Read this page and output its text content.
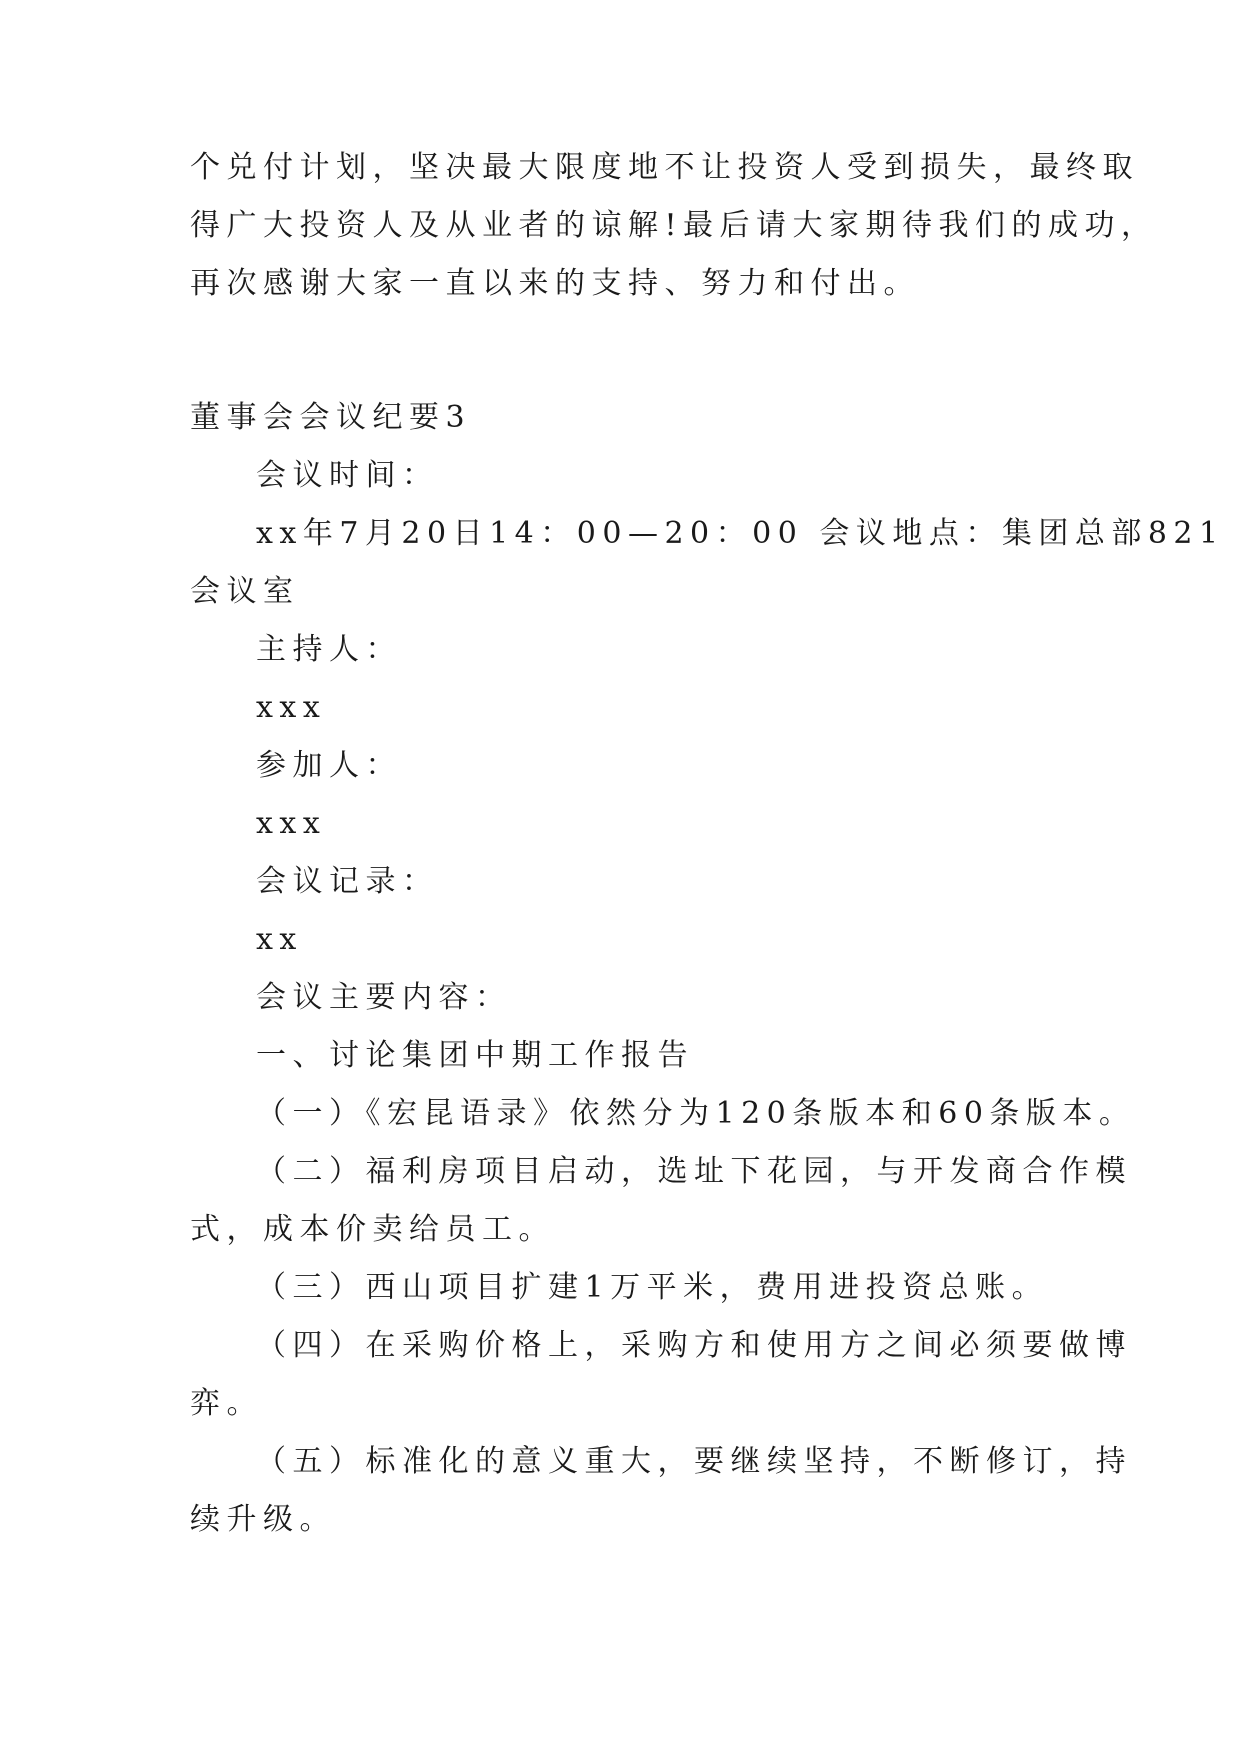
个兑付计划，坚决最大限度地不让投资人受到损失，最终取
得广大投资人及从业者的谅解!最后请大家期待我们的成功，
再次感谢大家一直以来的支持、努力和付出。
董事会会议纪要3
会议时间：
xx年7月20日14：00—20：00 会议地点：集团总部821
会议室
主持人：
xxx
参加人：
xxx
会议记录：
xx
会议主要内容：
一、讨论集团中期工作报告
（一）《宏昆语录》依然分为120条版本和60条版本。
（二）福利房项目启动，选址下花园，与开发商合作模
式，成本价卖给员工。
（三）西山项目扩建1万平米，费用进投资总账。
（四）在采购价格上，采购方和使用方之间必须要做博
弈。
（五）标准化的意义重大，要继续坚持，不断修订，持
续升级。
